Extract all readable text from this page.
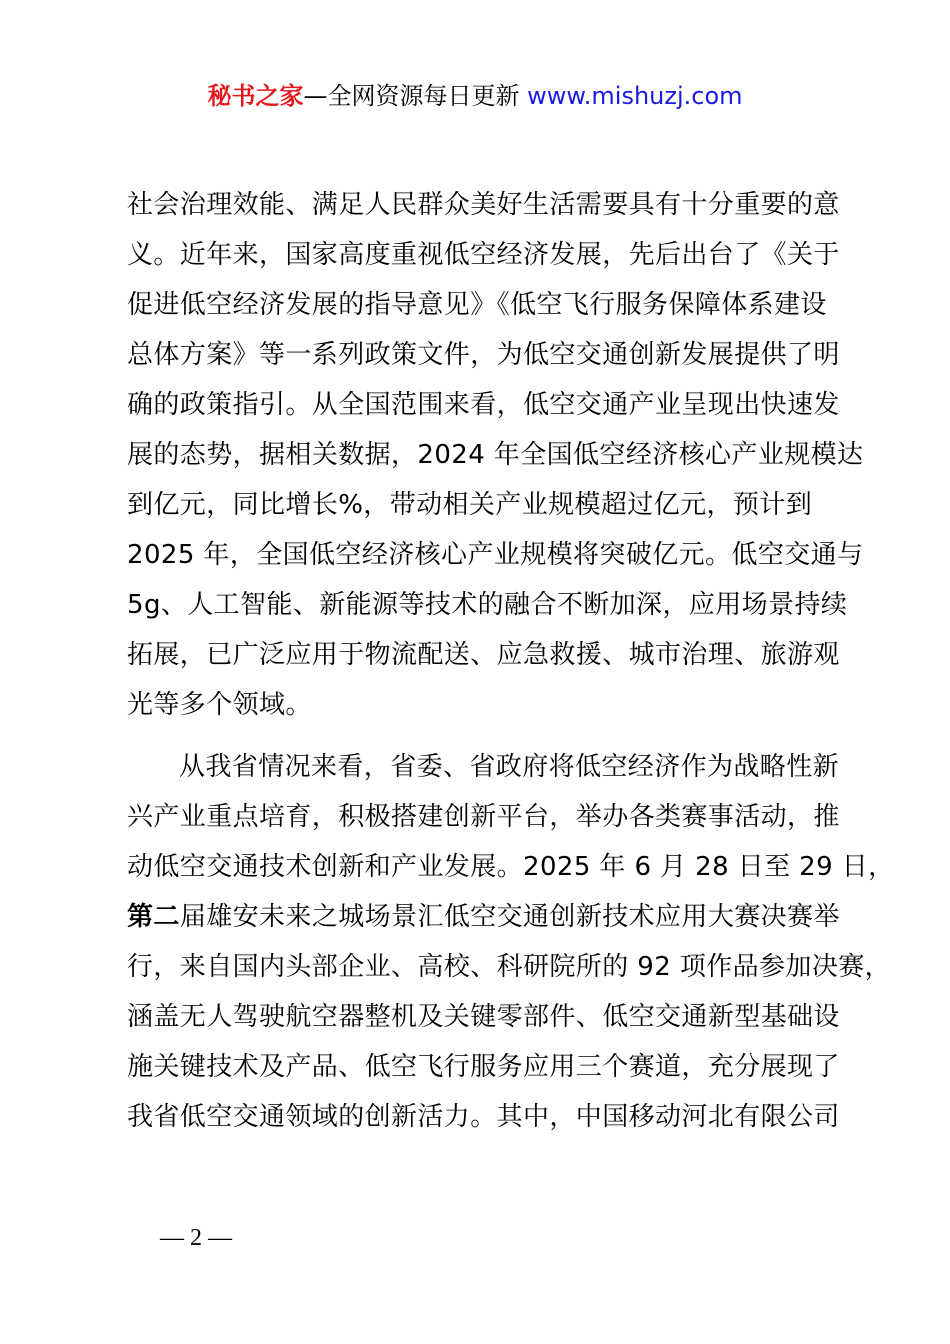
秘书之家—全网资源每日更新 www.mishuzj.com

社会治理效能、满足人民群众美好生活需要具有十分重要的意
义。近年来，国家高度重视低空经济发展，先后出台了《关于
促进低空经济发展的指导意见》《低空飞行服务保障体系建设
总体方案》等一系列政策文件，为低空交通创新发展提供了明
确的政策指引。从全国范围来看，低空交通产业呈现出快速发
展的态势，据相关数据，2024 年全国低空经济核心产业规模达
到亿元，同比增长%，带动相关产业规模超过亿元，预计到
2025 年，全国低空经济核心产业规模将突破亿元。低空交通与
5g、人工智能、新能源等技术的融合不断加深，应用场景持续
拓展，已广泛应用于物流配送、应急救援、城市治理、旅游观
光等多个领域。

从我省情况来看，省委、省政府将低空经济作为战略性新
兴产业重点培育，积极搭建创新平台，举办各类赛事活动，推
动低空交通技术创新和产业发展。2025 年 6 月 28 日至 29 日，
第二届雄安未来之城场景汇低空交通创新技术应用大赛决赛举
行，来自国内头部企业、高校、科研院所的 92 项作品参加决赛，
涵盖无人驾驶航空器整机及关键零部件、低空交通新型基础设
施关键技术及产品、低空飞行服务应用三个赛道，充分展现了
我省低空交通领域的创新活力。其中，中国移动河北有限公司

— 2 —
